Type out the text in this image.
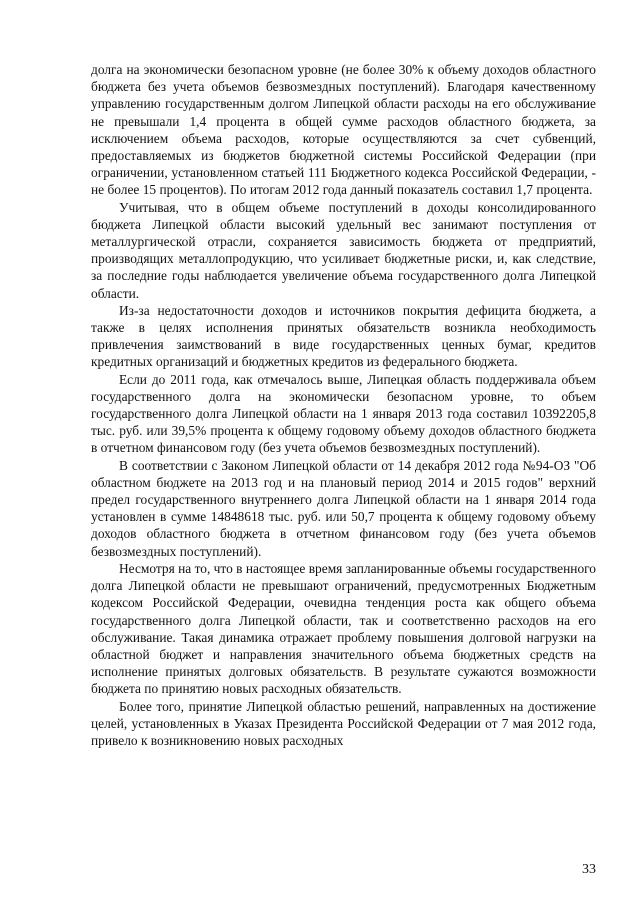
долга на экономически безопасном уровне (не более 30% к объему доходов областного бюджета без учета объемов безвозмездных поступлений). Благодаря качественному управлению государственным долгом Липецкой области расходы на его обслуживание не превышали 1,4 процента в общей сумме расходов областного бюджета, за исключением объема расходов, которые осуществляются за счет субвенций, предоставляемых из бюджетов бюджетной системы Российской Федерации (при ограничении, установленном статьей 111 Бюджетного кодекса Российской Федерации, - не более 15 процентов). По итогам 2012 года данный показатель составил 1,7 процента.

Учитывая, что в общем объеме поступлений в доходы консолидированного бюджета Липецкой области высокий удельный вес занимают поступления от металлургической отрасли, сохраняется зависимость бюджета от предприятий, производящих металлопродукцию, что усиливает бюджетные риски, и, как следствие, за последние годы наблюдается увеличение объема государственного долга Липецкой области.

Из-за недостаточности доходов и источников покрытия дефицита бюджета, а также в целях исполнения принятых обязательств возникла необходимость привлечения заимствований в виде государственных ценных бумаг, кредитов кредитных организаций и бюджетных кредитов из федерального бюджета.

Если до 2011 года, как отмечалось выше, Липецкая область поддерживала объем государственного долга на экономически безопасном уровне, то объем государственного долга Липецкой области на 1 января 2013 года составил 10392205,8 тыс. руб. или 39,5% процента к общему годовому объему доходов областного бюджета в отчетном финансовом году (без учета объемов безвозмездных поступлений).

В соответствии с Законом Липецкой области от 14 декабря 2012 года №94-ОЗ "Об областном бюджете на 2013 год и на плановый период 2014 и 2015 годов" верхний предел государственного внутреннего долга Липецкой области на 1 января 2014 года установлен в сумме 14848618 тыс. руб. или 50,7 процента к общему годовому объему доходов областного бюджета в отчетном финансовом году (без учета объемов безвозмездных поступлений).

Несмотря на то, что в настоящее время запланированные объемы государственного долга Липецкой области не превышают ограничений, предусмотренных Бюджетным кодексом Российской Федерации, очевидна тенденция роста как общего объема государственного долга Липецкой области, так и соответственно расходов на его обслуживание. Такая динамика отражает проблему повышения долговой нагрузки на областной бюджет и направления значительного объема бюджетных средств на исполнение принятых долговых обязательств. В результате сужаются возможности бюджета по принятию новых расходных обязательств.

Более того, принятие Липецкой областью решений, направленных на достижение целей, установленных в Указах Президента Российской Федерации от 7 мая 2012 года, привело к возникновению новых расходных

33
